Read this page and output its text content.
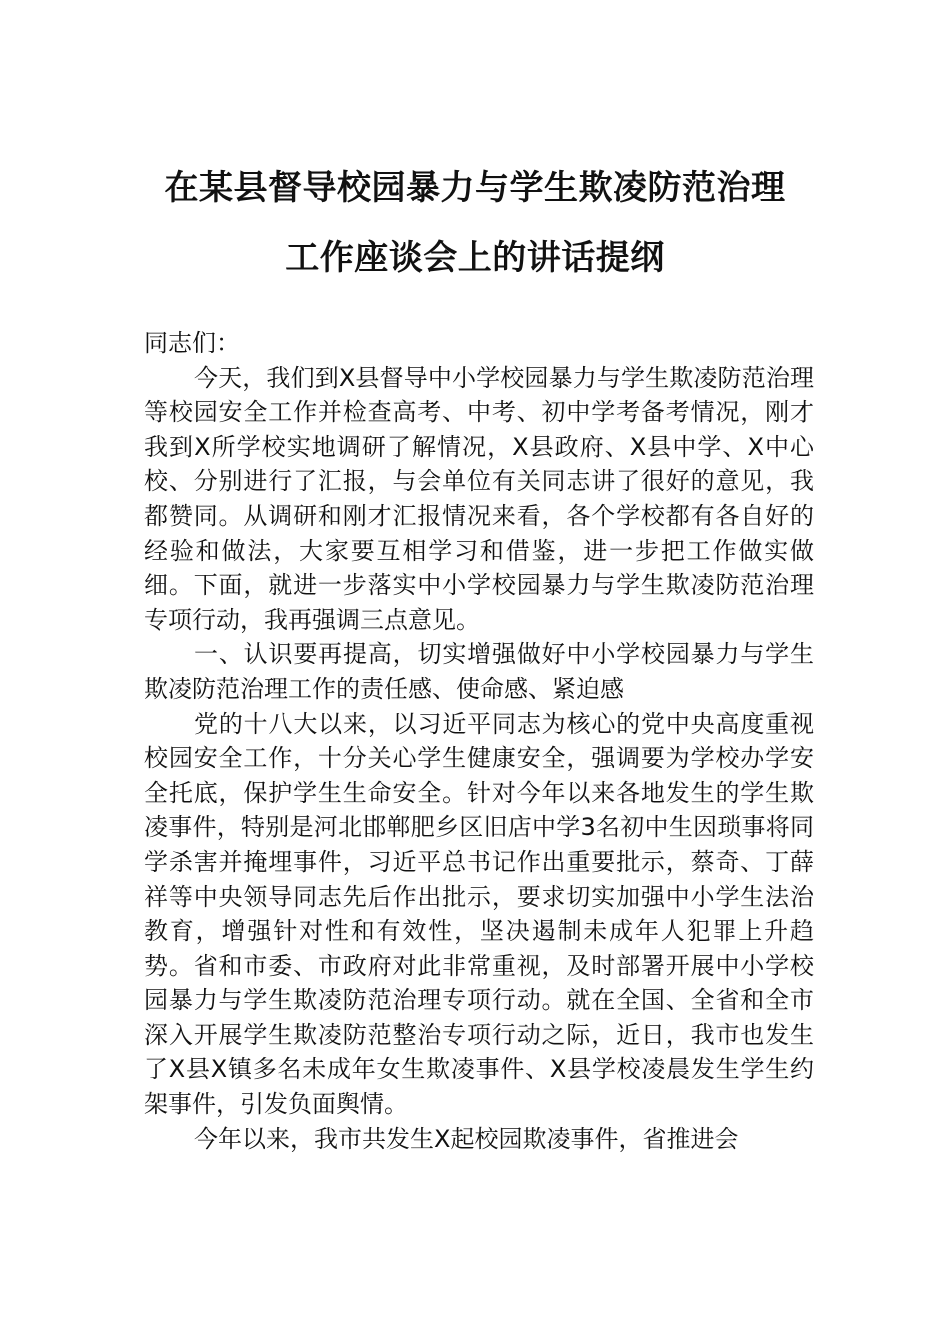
在某县督导校园暴力与学生欺凌防范治理
工作座谈会上的讲话提纲

同志们：

今天，我们到X县督导中小学校园暴力与学生欺凌防范治理等校园安全工作并检查高考、中考、初中学考备考情况，刚才我到X所学校实地调研了解情况，X县政府、X县中学、X中心校、分别进行了汇报，与会单位有关同志讲了很好的意见，我都赞同。从调研和刚才汇报情况来看，各个学校都有各自好的经验和做法，大家要互相学习和借鉴，进一步把工作做实做细。下面，就进一步落实中小学校园暴力与学生欺凌防范治理专项行动，我再强调三点意见。

一、认识要再提高，切实增强做好中小学校园暴力与学生欺凌防范治理工作的责任感、使命感、紧迫感

党的十八大以来，以习近平同志为核心的党中央高度重视校园安全工作，十分关心学生健康安全，强调要为学校办学安全托底，保护学生生命安全。针对今年以来各地发生的学生欺凌事件，特别是河北邯郸肥乡区旧店中学3名初中生因琐事将同学杀害并掩埋事件，习近平总书记作出重要批示，蔡奇、丁薛祥等中央领导同志先后作出批示，要求切实加强中小学生法治教育，增强针对性和有效性，坚决遏制未成年人犯罪上升趋势。省和市委、市政府对此非常重视，及时部署开展中小学校园暴力与学生欺凌防范治理专项行动。就在全国、全省和全市深入开展学生欺凌防范整治专项行动之际，近日，我市也发生了X县X镇多名未成年女生欺凌事件、X县学校凌晨发生学生约架事件，引发负面舆情。

今年以来，我市共发生X起校园欺凌事件，省推进会
